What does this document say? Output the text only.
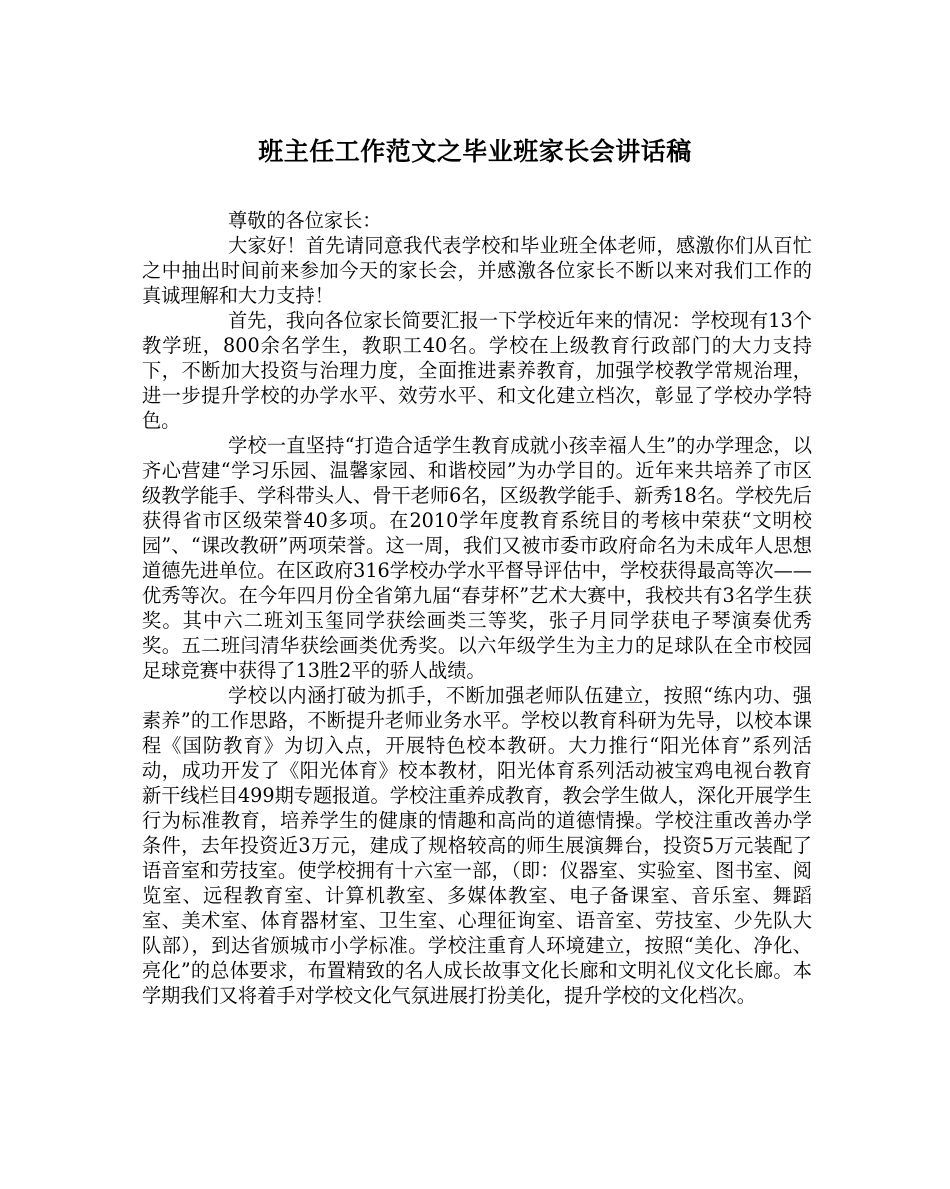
班主任工作范文之毕业班家长会讲话稿

尊敬的各位家长：

大家好！首先请同意我代表学校和毕业班全体老师，感激你们从百忙之中抽出时间前来参加今天的家长会，并感激各位家长不断以来对我们工作的真诚理解和大力支持！

首先，我向各位家长简要汇报一下学校近年来的情况：学校现有13个教学班，800余名学生，教职工40名。学校在上级教育行政部门的大力支持下，不断加大投资与治理力度，全面推进素养教育，加强学校教学常规治理，进一步提升学校的办学水平、效劳水平、和文化建立档次，彰显了学校办学特色。

学校一直坚持“打造合适学生教育成就小孩幸福人生”的办学理念，以齐心营建“学习乐园、温馨家园、和谐校园”为办学目的。近年来共培养了市区级教学能手、学科带头人、骨干老师6名，区级教学能手、新秀18名。学校先后获得省市区级荣誉40多项。在2010学年度教育系统目的考核中荣获“文明校园”、“课改教研”两项荣誉。这一周，我们又被市委市政府命名为未成年人思想道德先进单位。在区政府316学校办学水平督导评估中，学校获得最高等次——优秀等次。在今年四月份全省第九届“春芽杯”艺术大赛中，我校共有3名学生获奖。其中六二班刘玉玺同学获绘画类三等奖，张子月同学获电子琴演奏优秀奖。五二班闫清华获绘画类优秀奖。以六年级学生为主力的足球队在全市校园足球竞赛中获得了13胜2平的骄人战绩。

学校以内涵打破为抓手，不断加强老师队伍建立，按照“练内功、强素养”的工作思路，不断提升老师业务水平。学校以教育科研为先导，以校本课程《国防教育》为切入点，开展特色校本教研。大力推行“阳光体育”系列活动，成功开发了《阳光体育》校本教材，阳光体育系列活动被宝鸡电视台教育新干线栏目499期专题报道。学校注重养成教育，教会学生做人，深化开展学生行为标准教育，培养学生的健康的情趣和高尚的道德情操。学校注重改善办学条件，去年投资近3万元，建成了规格较高的师生展演舞台，投资5万元装配了语音室和劳技室。使学校拥有十六室一部，（即：仪器室、实验室、图书室、阅览室、远程教育室、计算机教室、多媒体教室、电子备课室、音乐室、舞蹈室、美术室、体育器材室、卫生室、心理征询室、语音室、劳技室、少先队大队部），到达省颁城市小学标准。学校注重育人环境建立，按照“美化、净化、亮化”的总体要求，布置精致的名人成长故事文化长廊和文明礼仪文化长廊。本学期我们又将着手对学校文化气氛进展打扮美化，提升学校的文化档次。
